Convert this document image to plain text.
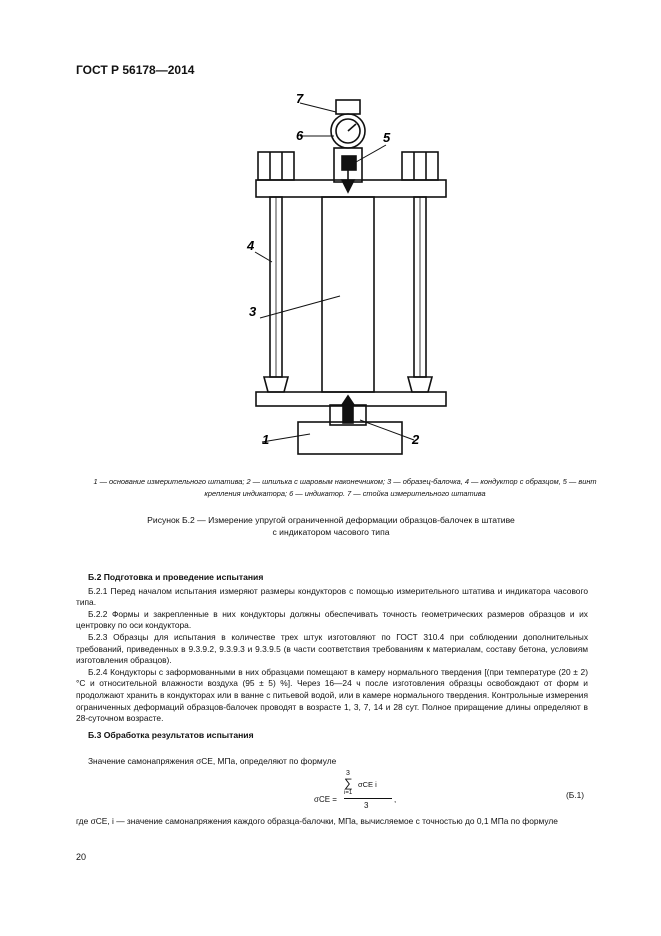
ГОСТ Р 56178—2014
7
6	5
4
3
1	2
1 — основание измерительного штатива; 2 — шпилька с шаровым наконечником; 3 — образец-балочка, 4 — кондуктор с образцом, 5 — винт крепления индикатора; 6 — индикатор. 7 — стойка измерительного штатива
Рисунок Б.2 — Измерение упругой ограниченной деформации образцов-балочек в штативе
с индикатором часового типа
Б.2 Подготовка и проведение испытания

Б.2.1 Перед началом испытания измеряют размеры кондукторов с помощью измерительного штатива и индикатора часового типа.

Б.2.2 Формы и закрепленные в них кондукторы должны обеспечивать точность геометрических размеров образцов и их центровку по оси кондуктора.

Б.2.3 Образцы для испытания в количестве трех штук изготовляют по ГОСТ 310.4 при соблюдении дополнительных требований, приведенных в 9.3.9.2, 9.3.9.3 и 9.3.9.5 (в части соответствия требованиям к материалам, составу бетона, условиям изготовления образцов).

Б.2.4 Кондукторы с заформованными в них образцами помещают в камеру нормального твердения [(при температуре (20 ± 2) °С и относительной влажности воздуха (95 ± 5) %]. Через 16—24 ч после изготовления образцы освобождают от форм и продолжают хранить в кондукторах или в ванне с питьевой водой, или в камере нормального твердения. Контрольные измерения ограниченных деформаций образцов-балочек проводят в возрасте 1, 3, 7, 14 и 28 сут. Полное приращение длины определяют в 28-суточном возрасте.

Б.3 Обработка результатов испытания
Значение самонапряжения σCE, МПа, определяют по формуле
σCE =
3
∑ σCE i
i=1
3
,	(Б.1)
где σCE, i — значение самонапряжения каждого образца-балочки, МПа, вычисляемое с точностью до 0,1 МПа по формуле
20
